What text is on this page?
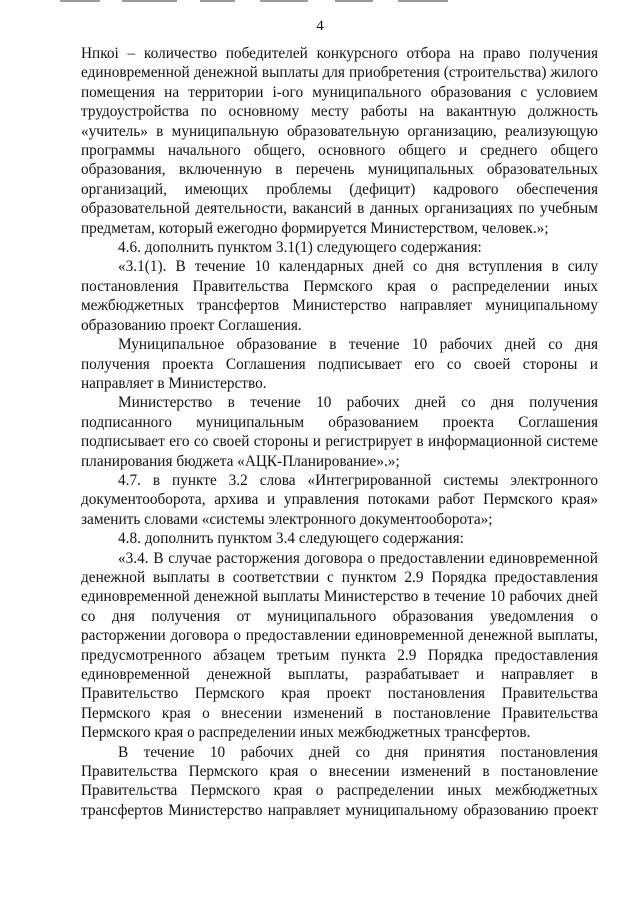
4

Hпкоi – количество победителей конкурсного отбора на право получения единовременной денежной выплаты для приобретения (строительства) жилого помещения на территории i-ого муниципального образования с условием трудоустройства по основному месту работы на вакантную должность «учитель» в муниципальную образовательную организацию, реализующую программы начального общего, основного общего и среднего общего образования, включенную в перечень муниципальных образовательных организаций, имеющих проблемы (дефицит) кадрового обеспечения образовательной деятельности, вакансий в данных организациях по учебным предметам, который ежегодно формируется Министерством, человек.»;

4.6. дополнить пунктом 3.1(1) следующего содержания:

«3.1(1). В течение 10 календарных дней со дня вступления в силу постановления Правительства Пермского края о распределении иных межбюджетных трансфертов Министерство направляет муниципальному образованию проект Соглашения.

Муниципальное образование в течение 10 рабочих дней со дня получения проекта Соглашения подписывает его со своей стороны и направляет в Министерство.

Министерство в течение 10 рабочих дней со дня получения подписанного муниципальным образованием проекта Соглашения подписывает его со своей стороны и регистрирует в информационной системе планирования бюджета «АЦК-Планирование».»;

4.7. в пункте 3.2 слова «Интегрированной системы электронного документооборота, архива и управления потоками работ Пермского края» заменить словами «системы электронного документооборота»;

4.8. дополнить пунктом 3.4 следующего содержания:

«3.4. В случае расторжения договора о предоставлении единовременной денежной выплаты в соответствии с пунктом 2.9 Порядка предоставления единовременной денежной выплаты Министерство в течение 10 рабочих дней со дня получения от муниципального образования уведомления о расторжении договора о предоставлении единовременной денежной выплаты, предусмотренного абзацем третьим пункта 2.9 Порядка предоставления единовременной денежной выплаты, разрабатывает и направляет в Правительство Пермского края проект постановления Правительства Пермского края о внесении изменений в постановление Правительства Пермского края о распределении иных межбюджетных трансфертов.

В течение 10 рабочих дней со дня принятия постановления Правительства Пермского края о внесении изменений в постановление Правительства Пермского края о распределении иных межбюджетных трансфертов Министерство направляет муниципальному образованию проект
